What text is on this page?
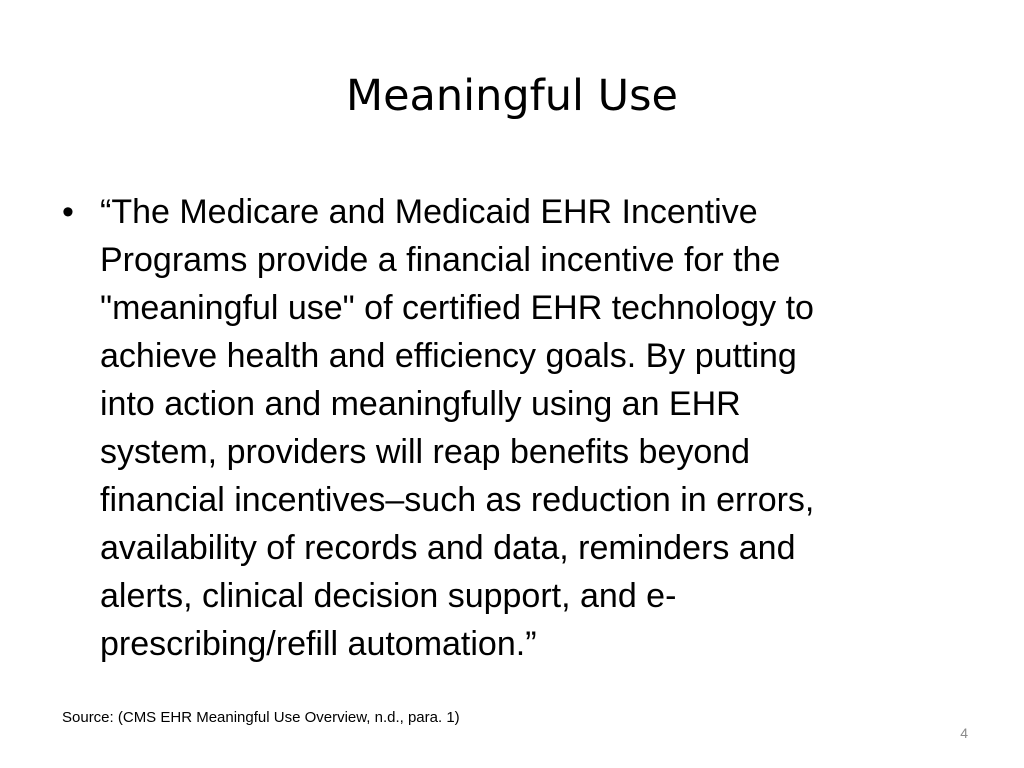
Meaningful Use
• “The Medicare and Medicaid EHR Incentive
Programs provide a financial incentive for the
"meaningful use" of certified EHR technology to
achieve health and efficiency goals. By putting
into action and meaningfully using an EHR
system, providers will reap benefits beyond
financial incentives–such as reduction in errors,
availability of records and data, reminders and
alerts, clinical decision support, and e-
prescribing/refill automation.”
Source: (CMS EHR Meaningful Use Overview, n.d., para. 1)
4
